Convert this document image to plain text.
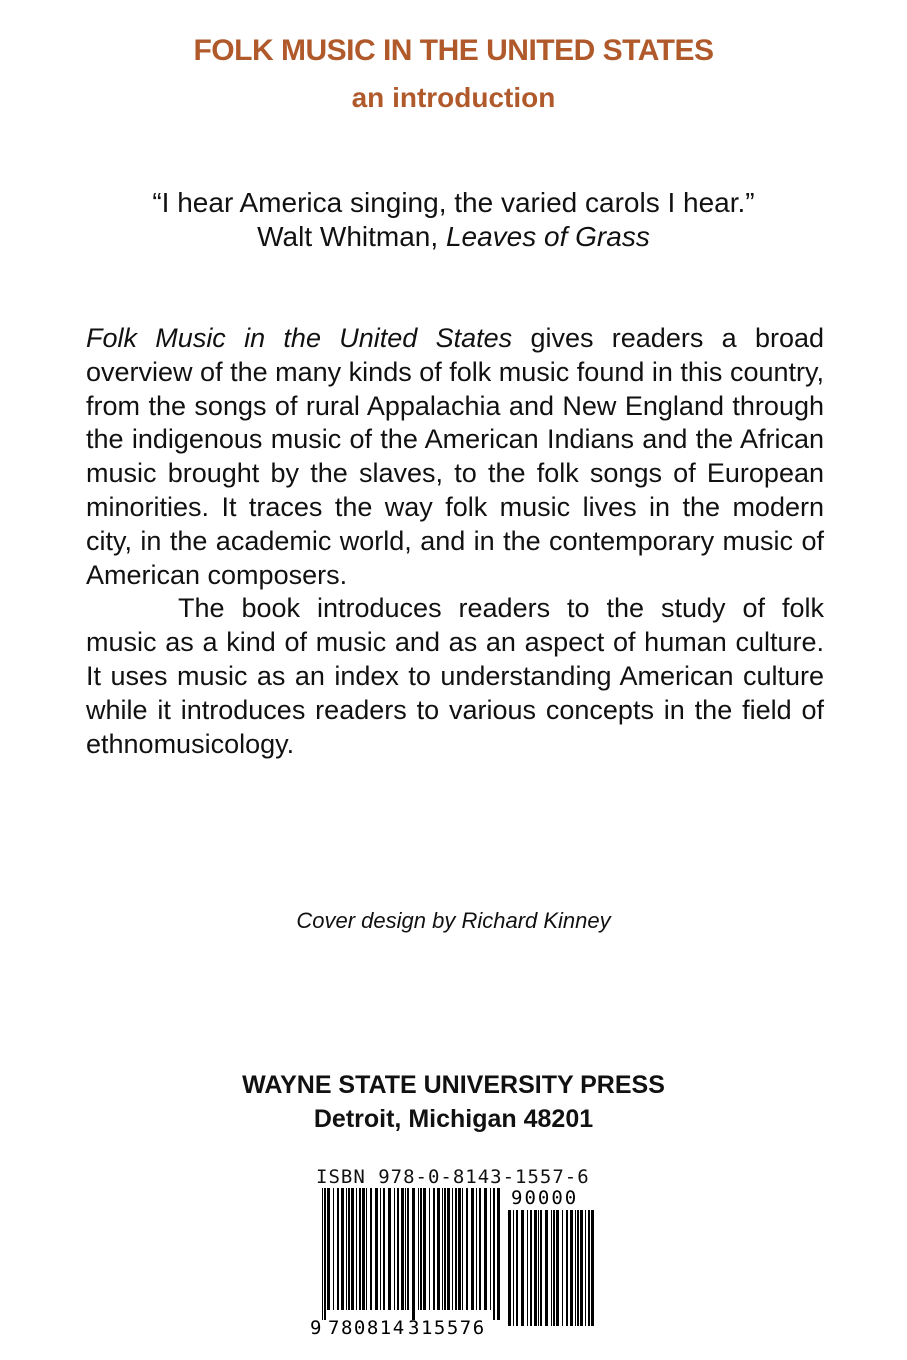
FOLK MUSIC IN THE UNITED STATES
an introduction
“I hear America singing, the varied carols I hear.”
Walt Whitman, Leaves of Grass

Folk Music in the United States gives readers a broad overview of the many kinds of folk music found in this country, from the songs of rural Appalachia and New England through the indigenous music of the American Indians and the African music brought by the slaves, to the folk songs of European minorities. It traces the way folk music lives in the modern city, in the academic world, and in the contemporary music of American composers.

The book introduces readers to the study of folk music as a kind of music and as an aspect of human culture. It uses music as an index to understanding American culture while it introduces readers to various concepts in the field of ethnomusicology.

Cover design by Richard Kinney
WAYNE STATE UNIVERSITY PRESS
Detroit, Michigan 48201
ISBN 978-0-8143-1557-6
90000
9 780814 315576
